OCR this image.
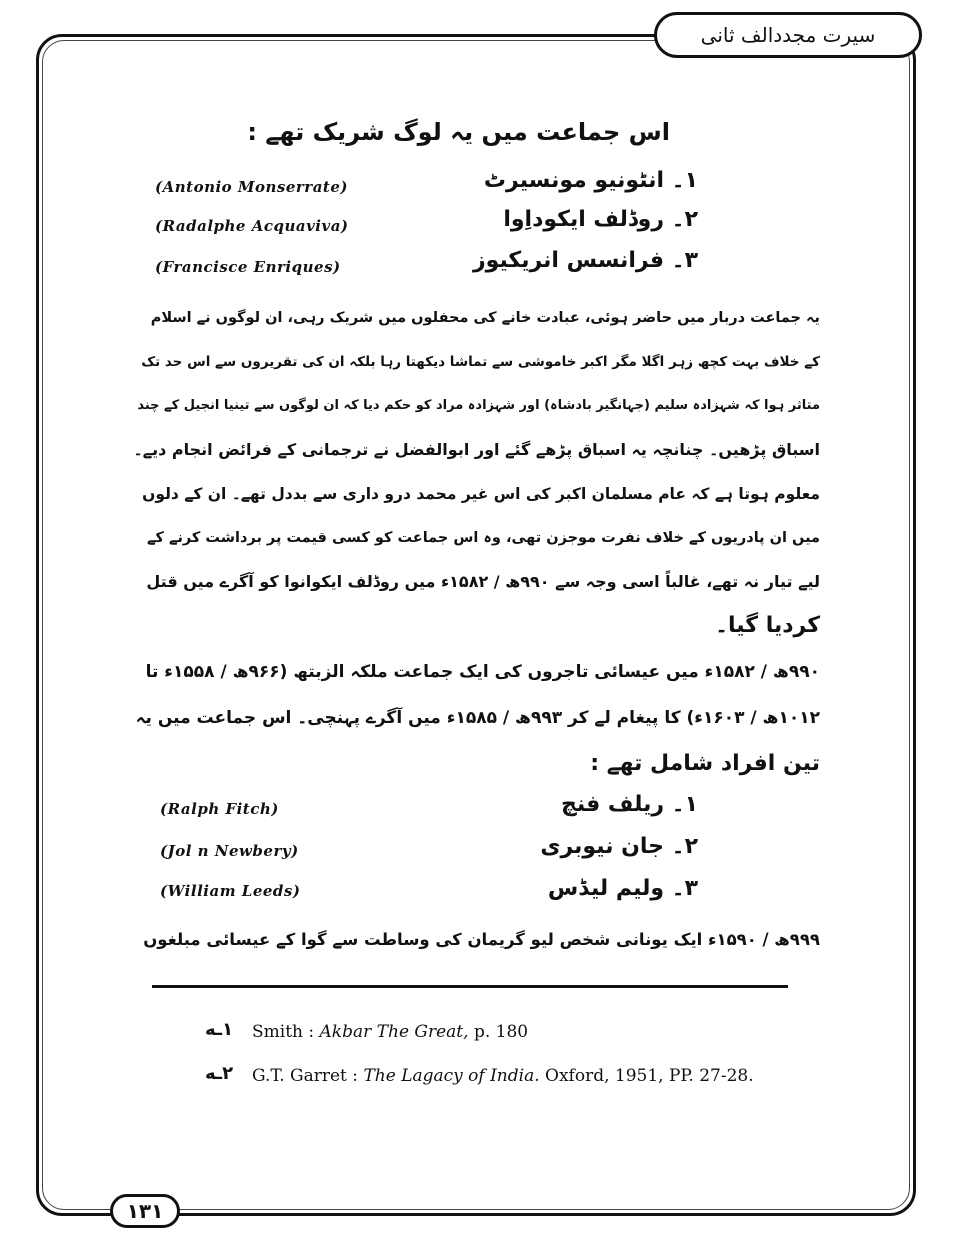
سیرت مجددالف ثانی
اس جماعت میں یہ لوگ شریک تھے :
۱۔ انٹونیو مونسیرٹ
(Antonio Monserrate)
۲۔ روڈلف ایکوداِوا
(Radalphe Acquaviva)
۳۔ فرانسس انریکیوز
(Francisce Enriques)
یہ جماعت دربار میں حاضر ہوئی، عبادت خانے کی محفلوں میں شریک رہی، ان لوگوں نے اسلام
کے خلاف بہت کچھ زہر اگلا مگر اکبر خاموشی سے تماشا دیکھتا رہا بلکہ ان کی تقریروں سے اس حد تک
متاثر ہوا کہ شہزادہ سلیم (جہانگیر بادشاہ) اور شہزادہ مراد کو حکم دیا کہ ان لوگوں سے تینیا انجیل کے چند
اسباق پڑھیں۔ چنانچہ یہ اسباق پڑھے گئے اور ابوالفضل نے ترجمانی کے فرائض انجام دیے۔
معلوم ہوتا ہے کہ عام مسلمان اکبر کی اس غیر محمد درو داری سے بددل تھے۔ ان کے دلوں
میں ان پادریوں کے خلاف نفرت موجزن تھی، وہ اس جماعت کو کسی قیمت پر برداشت کرنے کے
لیے تیار نہ تھے، غالباً اسی وجہ سے ۹۹۰ھ / ۱۵۸۲ء میں روڈلف ایکوانوا کو آگرے میں قتل
کردیا گیا۔
۹۹۰ھ / ۱۵۸۲ء میں عیسائی تاجروں کی ایک جماعت ملکہ الزبتھ (۹۶۶ھ / ۱۵۵۸ء تا
۱۰۱۲ھ / ۱۶۰۳ء) کا پیغام لے کر ۹۹۳ھ / ۱۵۸۵ء میں آگرے پہنچی۔ اس جماعت میں یہ
تین افراد شامل تھے :
۱۔ ریلف فنچ
(Ralph Fitch)
۲۔ جان نیوبری
(Jol n Newbery)
۳۔ ولیم لیڈس
(William Leeds)
۹۹۹ھ / ۱۵۹۰ء ایک یونانی شخص لیو گریمان کی وساطت سے گوا کے عیسائی مبلغوں
۱ـه Smith : Akbar The Great, p. 180
۲ـه G.T. Garret : The Lagacy of India. Oxford, 1951, PP. 27-28.
۱۳۱
